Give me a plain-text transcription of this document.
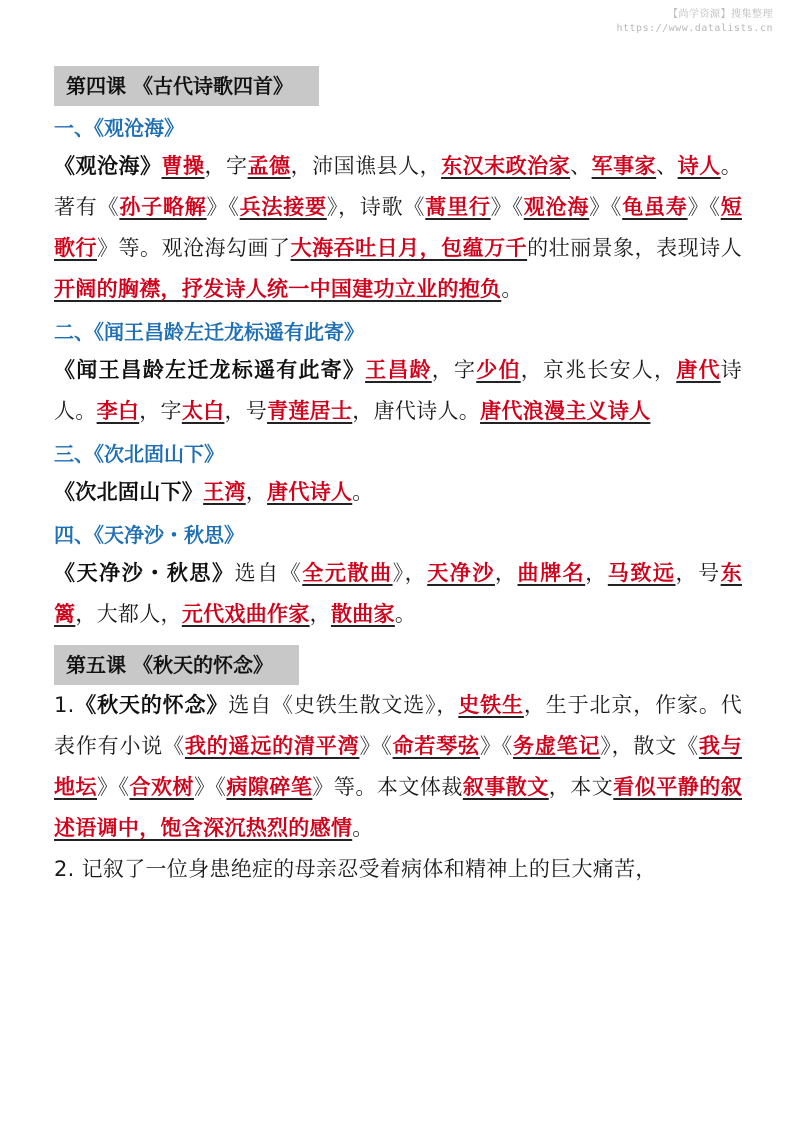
【尚学资源】搜集整理
https://www.datalists.cn
第四课 《古代诗歌四首》
一、《观沧海》
《观沧海》曹操，字孟德，沛国谯县人，东汉末政治家、军事家、诗人。著有《孙子略解》《兵法接要》，诗歌《蒿里行》《观沧海》《龟虽寿》《短歌行》等。观沧海勾画了大海吞吐日月，包蕴万千的壮丽景象，表现诗人开阔的胸襟，抒发诗人统一中国建功立业的抱负。
二、《闻王昌龄左迁龙标遥有此寄》
《闻王昌龄左迁龙标遥有此寄》王昌龄，字少伯，京兆长安人，唐代诗人。李白，字太白，号青莲居士，唐代诗人。唐代浪漫主义诗人
三、《次北固山下》
《次北固山下》王湾，唐代诗人。
四、《天净沙・秋思》
《天净沙・秋思》选自《全元散曲》，天净沙，曲牌名，马致远，号东篱，大都人，元代戏曲作家，散曲家。
第五课 《秋天的怀念》
1.《秋天的怀念》选自《史铁生散文选》，史铁生，生于北京，作家。代表作有小说《我的遥远的清平湾》《命若琴弦》《务虚笔记》，散文《我与地坛》《合欢树》《病隙碎笔》等。本文体裁叙事散文，本文看似平静的叙述语调中，饱含深沉热烈的感情。
2. 记叙了一位身患绝症的母亲忍受着病体和精神上的巨大痛苦，
